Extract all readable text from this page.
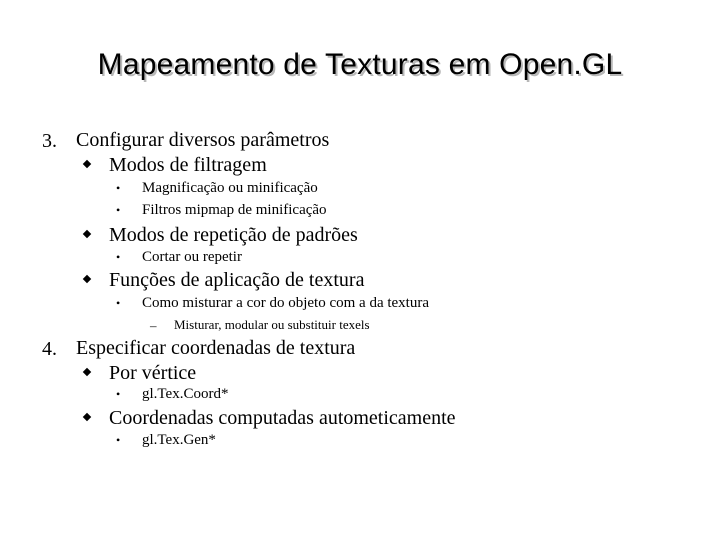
Mapeamento de Texturas em Open.GL
3. Configurar diversos parâmetros
Modos de filtragem
• Magnificação ou minificação
• Filtros mipmap de minificação
Modos de repetição de padrões
• Cortar ou repetir
Funções de aplicação de textura
• Como misturar a cor do objeto com a da textura
– Misturar, modular ou substituir texels
4. Especificar coordenadas de textura
Por vértice
• gl.Tex.Coord*
Coordenadas computadas autometicamente
• gl.Tex.Gen*
